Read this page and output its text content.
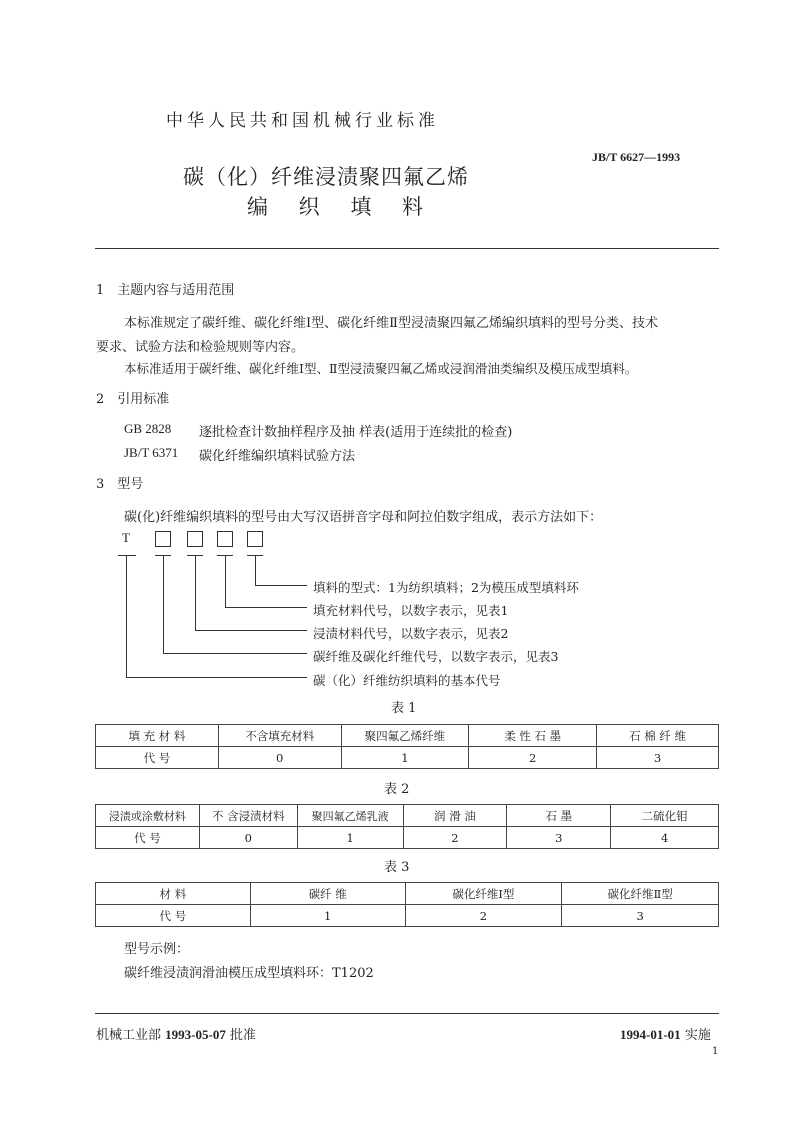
中华人民共和国机械行业标准
JB/T 6627—1993
碳（化）纤维浸渍聚四氟乙烯
编 织 填 料
1　主题内容与适用范围
本标准规定了碳纤维、碳化纤维Ⅰ型、碳化纤维Ⅱ型浸渍聚四氟乙烯编织填料的型号分类、技术
要求、试验方法和检验规则等内容。
本标准适用于碳纤维、碳化纤维Ⅰ型、Ⅱ型浸渍聚四氟乙烯或浸润滑油类编织及模压成型填料。
2　引用标准
GB 2828 逐批检查计数抽样程序及抽 样表(适用于连续批的检查)
JB/T 6371 碳化纤维编织填料试验方法
3　型号
碳(化)纤维编织填料的型号由大写汉语拼音字母和阿拉伯数字组成，表示方法如下：
T
填料的型式：1为纺织填料；2为模压成型填料环
填充材料代号，以数字表示，见表1
浸渍材料代号，以数字表示，见表2
碳纤维及碳化纤维代号，以数字表示，见表3
碳（化）纤维纺织填料的基本代号
表 1
填 充 材 料	不含填充材料	聚四氟乙烯纤维	柔 性 石 墨	石 棉 纤 维
代 号	0	1	2	3
表 2
浸渍或涂敷材料	不 含浸渍材料	聚四氟乙烯乳液	润 滑 油	石 墨	二硫化钼
代 号	0	1	2	3	4
表 3
材 料	碳纤 维	碳化纤维Ⅰ型	碳化纤维Ⅱ型
代 号	1	2	3
型号示例：
碳纤维浸渍润滑油模压成型填料环：T1202
机械工业部 1993-05-07 批准	1994-01-01 实施
1
